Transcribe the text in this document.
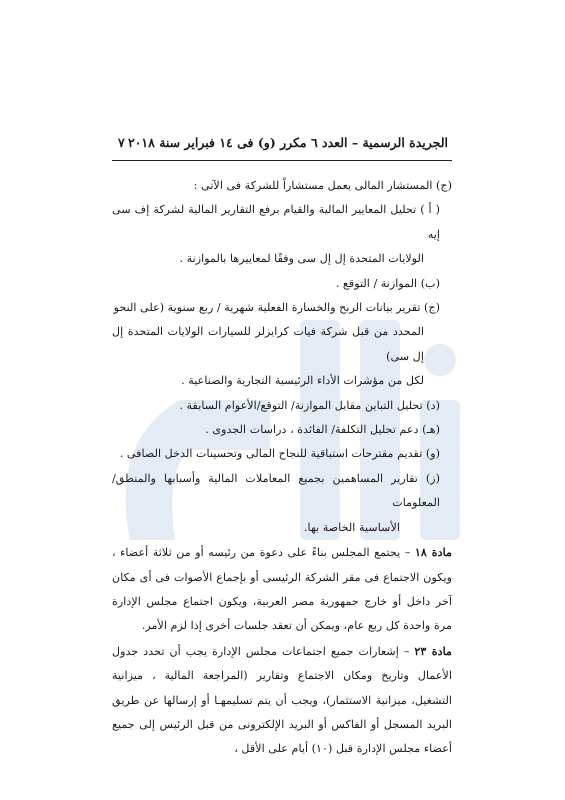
الجريدة الرسمية – العدد ٦ مكرر (و) فى ١٤ فبراير سنة ٢٠١٨
٧

(ج) المستشار المالى يعمل مستشاراً للشركة فى الآتى :

( أ ) تحليل المعايير المالية والقيام برفع التقارير المالية لشركة إف سى إيه

الولايات المتحدة إل إل سى وفقًا لمعاييرها بالموازنة .

(ب) الموازنة / التوقع .

(ج) تقرير بيانات الربح والخسارة الفعلية شهرية / ربع سنوية (على النحو

المحدد من قبل شركة فيات كرايزلر للسيارات الولايات المتحدة إل إل سى)

لكل من مؤشرات الأداء الرئيسية التجارية والصناعية .

(د) تحليل التباين مقابل الموازنة/ التوقع/الأعوام السابقة .

(هـ) دعم تحليل التكلفة/ الفائدة ، دراسات الجدوى .

(و) تقديم مقترحات استباقية للنجاح المالى وتحسينات الدخل الصافى .

(ز) تقارير المساهمين بجميع المعاملات المالية وأسبابها والمنطق/ المعلومات

الأساسية الخاصة بها.

مادة ١٨ – يجتمع المجلس بناءً على دعوة من رئيسه أو من ثلاثة أعضاء ، ويكون الاجتماع فى مقر الشركة الرئيسى أو بإجماع الأصوات فى أى مكان آخر داخل أو خارج جمهورية مصر العربية، ويكون اجتماع مجلس الإدارة مرة واحدة كل ربع عام، ويمكن أن تعقد جلسات أخرى إذا لزم الأمر.

مادة ٢٣ – إشعارات جميع اجتماعات مجلس الإدارة يجب أن تحدد جدول الأعمال وتاريخ ومكان الاجتماع وتقارير (المراجعة المالية ، ميزانية التشغيل، ميزانية الاستثمار)، ويجب أن يتم تسليمهـا أو إرسالها عن طريق البريد المسجل أو الفاكس أو البريد الإلكترونى من قبل الرئيس إلى جميع أعضاء مجلس الإدارة قبل (١٠) أيام على الأقل ،
